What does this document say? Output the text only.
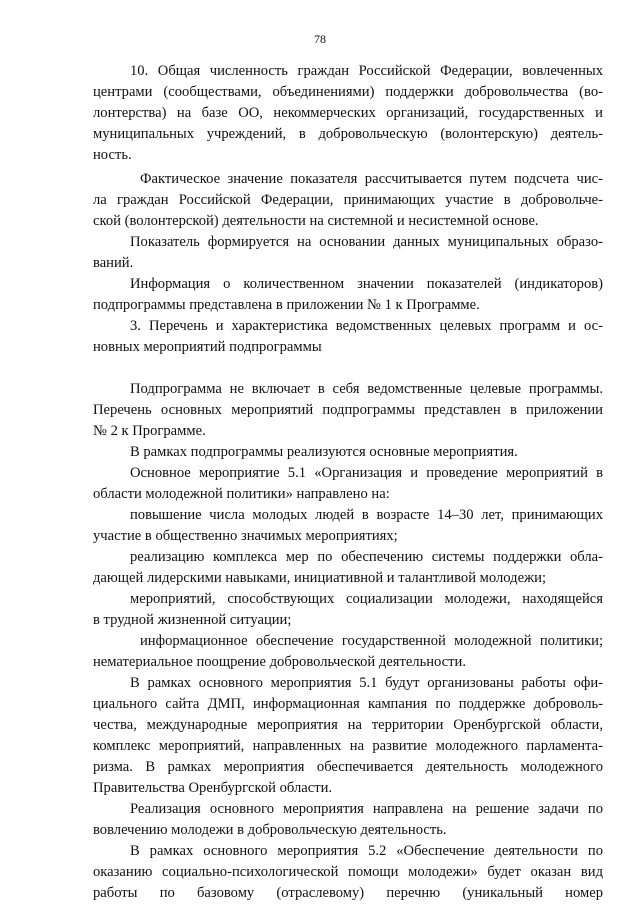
78
10. Общая численность граждан Российской Федерации, вовлеченных
центрами (сообществами, объединениями) поддержки добровольчества (во-
лонтерства) на базе ОО, некоммерческих организаций, государственных и
муниципальных учреждений, в добровольческую (волонтерскую) деятель-
ность.
Фактическое значение показателя рассчитывается путем подсчета чис-
ла граждан Российской Федерации, принимающих участие в добровольче-
ской (волонтерской) деятельности на системной и несистемной основе.
Показатель формируется на основании данных муниципальных образо-
ваний.
Информация о количественном значении показателей (индикаторов)
подпрограммы представлена в приложении № 1 к Программе.
3. Перечень и характеристика ведомственных целевых программ и ос-
новных мероприятий подпрограммы
Подпрограмма не включает в себя ведомственные целевые программы.
Перечень основных мероприятий подпрограммы представлен в приложении
№ 2 к Программе.
В рамках подпрограммы реализуются основные мероприятия.
Основное мероприятие 5.1 «Организация и проведение мероприятий в
области молодежной политики» направлено на:
повышение числа молодых людей в возрасте 14–30 лет, принимающих
участие в общественно значимых мероприятиях;
реализацию комплекса мер по обеспечению системы поддержки обла-
дающей лидерскими навыками, инициативной и талантливой молодежи;
мероприятий, способствующих социализации молодежи, находящейся
в трудной жизненной ситуации;
информационное обеспечение государственной молодежной политики;
нематериальное поощрение добровольческой деятельности.
В рамках основного мероприятия 5.1 будут организованы работы офи-
циального сайта ДМП, информационная кампания по поддержке доброволь-
чества, международные мероприятия на территории Оренбургской области,
комплекс мероприятий, направленных на развитие молодежного парламента-
ризма. В рамках мероприятия обеспечивается деятельность молодежного
Правительства Оренбургской области.
Реализация основного мероприятия направлена на решение задачи по
вовлечению молодежи в добровольческую деятельность.
В рамках основного мероприятия 5.2 «Обеспечение деятельности по
оказанию социально-психологической помощи молодежи» будет оказан вид
работы по базовому (отраслевому) перечню (уникальный номер
